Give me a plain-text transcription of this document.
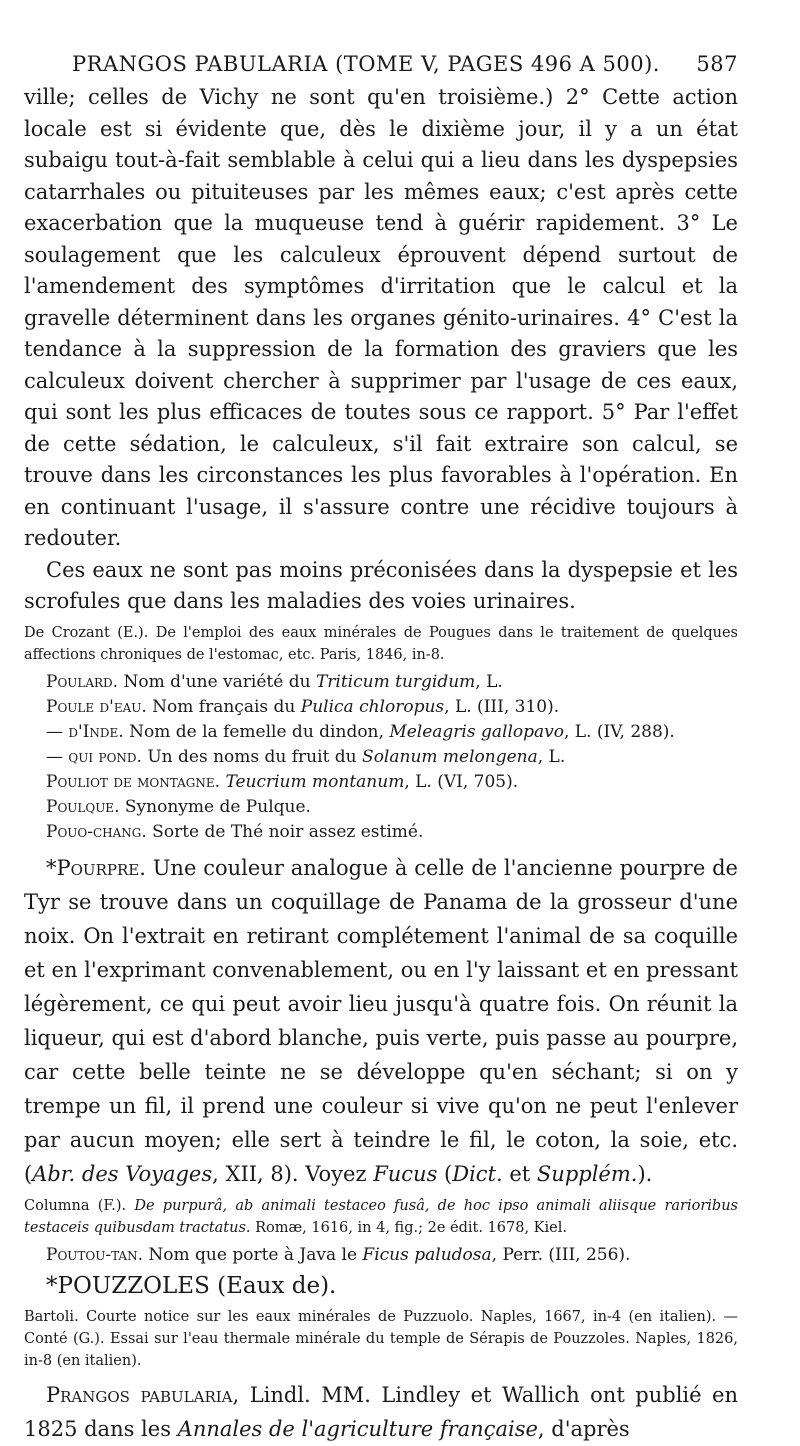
PRANGOS PABULARIA (TOME V, PAGES 496 A 500). 587

ville; celles de Vichy ne sont qu'en troisième.) 2° Cette action locale est si évidente que, dès le dixième jour, il y a un état subaigu tout-à-fait semblable à celui qui a lieu dans les dyspepsies catarrhales ou pituiteuses par les mêmes eaux; c'est après cette exacerbation que la muqueuse tend à guérir rapidement. 3° Le soulagement que les calculeux éprouvent dépend surtout de l'amendement des symptômes d'irritation que le calcul et la gravelle déterminent dans les organes génito-urinaires. 4° C'est la tendance à la suppression de la formation des graviers que les calculeux doivent chercher à supprimer par l'usage de ces eaux, qui sont les plus efficaces de toutes sous ce rapport. 5° Par l'effet de cette sédation, le calculeux, s'il fait extraire son calcul, se trouve dans les circonstances les plus favorables à l'opération. En en continuant l'usage, il s'assure contre une récidive toujours à redouter.

Ces eaux ne sont pas moins préconisées dans la dyspepsie et les scrofules que dans les maladies des voies urinaires.

De Crozant (E.). De l'emploi des eaux minérales de Pougues dans le traitement de quelques affections chroniques de l'estomac, etc. Paris, 1846, in-8.

Poulard. Nom d'une variété du Triticum turgidum, L.

Poule d'eau. Nom français du Pulica chloropus, L. (III, 310).

— d'Inde. Nom de la femelle du dindon, Meleagris gallopavo, L. (IV, 288).

— qui pond. Un des noms du fruit du Solanum melongena, L.

Pouliot de montagne. Teucrium montanum, L. (VI, 705).

Poulque. Synonyme de Pulque.

Pouo-chang. Sorte de Thé noir assez estimé.

*Pourpre. Une couleur analogue à celle de l'ancienne pourpre de Tyr se trouve dans un coquillage de Panama de la grosseur d'une noix. On l'extrait en retirant complétement l'animal de sa coquille et en l'exprimant convenablement, ou en l'y laissant et en pressant légèrement, ce qui peut avoir lieu jusqu'à quatre fois. On réunit la liqueur, qui est d'abord blanche, puis verte, puis passe au pourpre, car cette belle teinte ne se développe qu'en séchant; si on y trempe un fil, il prend une couleur si vive qu'on ne peut l'enlever par aucun moyen; elle sert à teindre le fil, le coton, la soie, etc. (Abr. des Voyages, XII, 8). Voyez Fucus (Dict. et Supplém.).

Columna (F.). De purpurâ, ab animali testaceo fusâ, de hoc ipso animali aliisque rarioribus testaceis quibusdam tractatus. Romæ, 1616, in 4, fig.; 2e édit. 1678, Kiel.

Poutou-tan. Nom que porte à Java le Ficus paludosa, Perr. (III, 256).

*POUZZOLES (Eaux de).

Bartoli. Courte notice sur les eaux minérales de Puzzuolo. Naples, 1667, in-4 (en italien). — Conté (G.). Essai sur l'eau thermale minérale du temple de Sérapis de Pouzzoles. Naples, 1826, in-8 (en italien).

Prangos pabularia, Lindl. MM. Lindley et Wallich ont publié en 1825 dans les Annales de l'agriculture française, d'après
